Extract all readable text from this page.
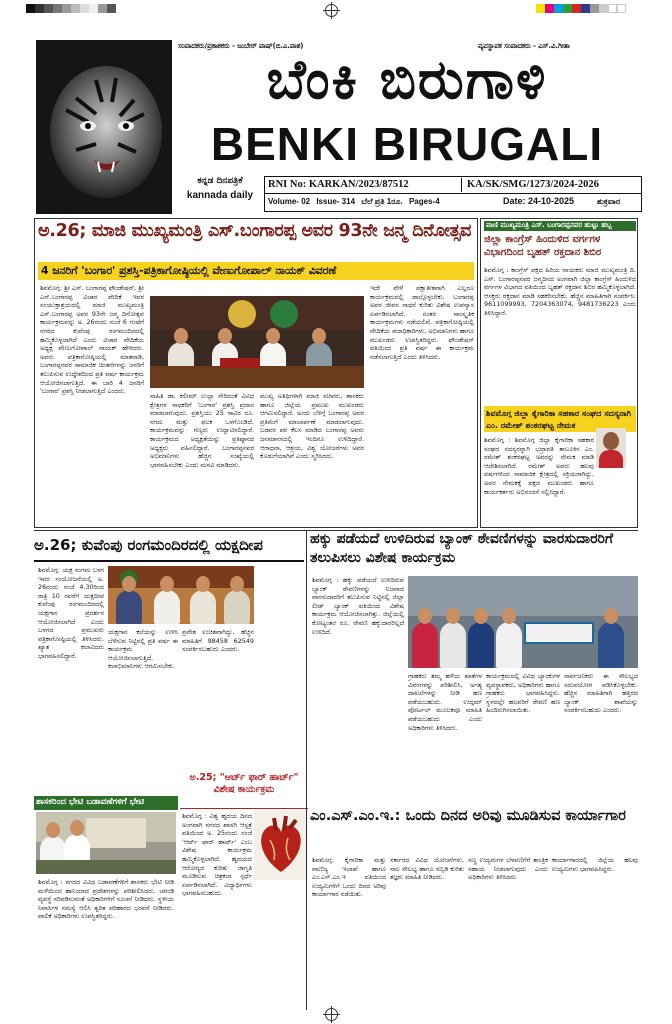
ಸಂಪಾದಕರು/ಪ್ರಕಾಶಕರು - ಜುಬೇರ್ ಪಾಷ್(ಬಿ.ಎ.ಪಾಶ)	ವ್ಯವಸ್ಥಾಪಕ ಸಂಪಾದಕರು - ಎಸ್.ವಿ.ಗೀತಾ
ಬೆಂಕಿ ಬಿರುಗಾಳಿ
BENKI BIRUGALI
ಕನ್ನಡ ದಿನಪತ್ರಿಕೆ
kannada daily
RNI No: KARKAN/2023/87512	KA/SK/SMG/1273/2024-2026
Volume- 02 Issue- 314 ಬೆಲೆ ಪ್ರತಿ 1ರೂ. Pages-4	Date: 24-10-2025	ಶುಕ್ರವಾರ
ಅ.26; ಮಾಜಿ ಮುಖ್ಯಮಂತ್ರಿ ಎಸ್.ಬಂಗಾರಪ್ಪ ಅವರ 93ನೇ ಜನ್ಮ ದಿನೋತ್ಸವ
4 ಜನರಿಗೆ 'ಬಂಗಾರ' ಪ್ರಶಸ್ತಿ-ಪತ್ರಿಕಾಗೋಷ್ಠಿಯಲ್ಲಿ ವೇಣುಗೋಪಾಲ್ ನಾಯಕ್ ವಿವರಣೆ
ಶಿವಮೊಗ್ಗ: ಶ್ರೀ ಎಸ್. ಬಂಗಾರಪ್ಪ ಫೌಂಡೇಷನ್, ಶ್ರೀ ಎಸ್.ಬಂಗಾರಪ್ಪ ವಿಚಾರ ವೇದಿಕೆ ಇವರ ಸಂಯುಕ್ತಾಶ್ರಯದಲ್ಲಿ ಮಾಜಿ ಮುಖ್ಯಮಂತ್ರಿ ಎಸ್.ಬಂಗಾರಪ್ಪ ಅವರ 93ನೇ ಜನ್ಮ ದಿನೋತ್ಸವ ಕಾರ್ಯಕ್ರಮವನ್ನು ಅ. 26ರಂದು ಸಂಜೆ 6 ಗಂಟೆಗೆ ನಗರದ ಕುವೆಂಪು ರಂಗಮಂದಿರದಲ್ಲಿ ಹಮ್ಮಿಕೊಳ್ಳಲಾಗಿದೆ ಎಂದು ವಿಚಾರ ವೇದಿಕೆಯ ಅಧ್ಯಕ್ಷ ವೇಣುಗೋಪಾಲ್ ನಾಯಕ್ ಹೇಳಿದರು. ಅವರು ಪತ್ರಿಕಾಗೋಷ್ಠಿಯಲ್ಲಿ ಮಾತನಾಡಿ, ಬಂಗಾರಪ್ಪನವರ ಸಾಮಾಜಿಕ ಚಿಂತನೆಗಳನ್ನು ಜನರಿಗೆ ತಲುಪಿಸುವ ಉದ್ದೇಶದಿಂದ ಪ್ರತಿ ವರ್ಷ ಕಾರ್ಯಕ್ರಮ ಆಯೋಜಿಸಲಾಗುತ್ತಿದೆ. ಈ ಬಾರಿ 4 ಜನರಿಗೆ 'ಬಂಗಾರ' ಪ್ರಶಸ್ತಿ ನೀಡಲಾಗುತ್ತಿದೆ ಎಂದರು.
ಸಾಹಿತಿ ಡಾ. ಕಲೀಮ್ ಉಲ್ಲಾ ಸೇರಿದಂತೆ ವಿವಿಧ ಕ್ಷೇತ್ರಗಳ ಸಾಧಕರಿಗೆ 'ಬಂಗಾರ' ಪ್ರಶಸ್ತಿ ಪ್ರದಾನ ಮಾಡಲಾಗುವುದು. ಪ್ರಶಸ್ತಿಯು 25 ಸಾವಿರ ರೂ. ನಗದು ಮತ್ತು ಫಲಕ ಒಳಗೊಂಡಿದೆ. ಕಾರ್ಯಕ್ರಮವನ್ನು ಗಣ್ಯರು ಉದ್ಘಾಟಿಸಲಿದ್ದಾರೆ. ಕಾರ್ಯಕ್ರಮದ ಅಧ್ಯಕ್ಷತೆಯನ್ನು ಪ್ರತಿಷ್ಠಾನದ ಅಧ್ಯಕ್ಷರು ವಹಿಸಲಿದ್ದಾರೆ. ಬಂಗಾರಪ್ಪನವರ ಅಭಿಮಾನಿಗಳು ಹೆಚ್ಚಿನ ಸಂಖ್ಯೆಯಲ್ಲಿ ಭಾಗವಹಿಸಬೇಕು ಎಂದು ಮನವಿ ಮಾಡಿದರು.
ಮುಖ್ಯ ಅತಿಥಿಗಳಾಗಿ ಮಾಜಿ ಸಚಿವರು, ಶಾಸಕರು ಹಾಗೂ ಜಿಲ್ಲೆಯ ಪ್ರಮುಖ ಮುಖಂಡರು ಆಗಮಿಸಲಿದ್ದಾರೆ. ಅಂದು ಬೆಳಿಗ್ಗೆ ಬಂಗಾರಪ್ಪ ಅವರ ಪ್ರತಿಮೆಗೆ ಮಾಲಾರ್ಪಣೆ ಮಾಡಲಾಗುವುದು. ಬಡವರ ಪರ ಕೆಲಸ ಮಾಡಿದ ಬಂಗಾರಪ್ಪ ಅವರು ಜನಮಾನಸದಲ್ಲಿ ಇಂದಿಗೂ ಉಳಿದಿದ್ದಾರೆ. ಆರಾಧನಾ, ಆಶ್ರಯ, ವಿಶ್ವ ಯೋಜನೆಗಳು ಅವರ ಕೊಡುಗೆಯಾಗಿವೆ ಎಂದು ಸ್ಮರಿಸಿದರು.
ಇದೇ ವೇಳೆ ಪಕ್ಷಾತೀತವಾಗಿ ಎಲ್ಲರೂ ಕಾರ್ಯಕ್ರಮದಲ್ಲಿ ಪಾಲ್ಗೊಳ್ಳಬೇಕು. ಬಂಗಾರಪ್ಪ ಅವರ ಜೀವನ ಸಾಧನೆ ಕುರಿತು ವಿಶೇಷ ಉಪನ್ಯಾಸ ಏರ್ಪಡಿಸಲಾಗಿದೆ. ನಂತರ ಸಾಂಸ್ಕೃತಿಕ ಕಾರ್ಯಕ್ರಮಗಳು ನಡೆಯಲಿವೆ. ಪತ್ರಿಕಾಗೋಷ್ಠಿಯಲ್ಲಿ ವೇದಿಕೆಯ ಪದಾಧಿಕಾರಿಗಳು, ಅಭಿಮಾನಿಗಳು ಹಾಗೂ ಮುಖಂಡರು ಉಪಸ್ಥಿತರಿದ್ದರು. ಫೌಂಡೇಷನ್ ವತಿಯಿಂದ ಪ್ರತಿ ವರ್ಷ ಈ ಕಾರ್ಯಕ್ರಮ ನಡೆಸಲಾಗುತ್ತಿದೆ ಎಂದು ತಿಳಿಸಿದರು.
ವಾಣಿ ಮುಖ್ಯಮಂತ್ರಿ ಎಸ್. ಬಂಗಾರಪ್ಪನವರ ಹುಟ್ಟು ಹಬ್ಬ
ಜಿಲ್ಲಾ ಕಾಂಗ್ರೆಸ್ ಹಿಂದುಳಿದ ವರ್ಗಗಳ ವಿಭಾಗದಿಂದ ಬೃಹತ್ ರಕ್ತದಾನ ಶಿಬಿರ
ಶಿವಮೊಗ್ಗ : ಕಾಂಗ್ರೆಸ್ ಪಕ್ಷದ ಹಿರಿಯ ನಾಯಕರು ಮಾಜಿ ಮುಖ್ಯಮಂತ್ರಿ ದಿ. ಎಸ್. ಬಂಗಾರಪ್ಪನವರ ಜನ್ಮದಿನದ ಅಂಗವಾಗಿ ಜಿಲ್ಲಾ ಕಾಂಗ್ರೆಸ್ ಹಿಂದುಳಿದ ವರ್ಗಗಳ ವಿಭಾಗದ ವತಿಯಿಂದ ಬೃಹತ್ ರಕ್ತದಾನ ಶಿಬಿರ ಹಮ್ಮಿಕೊಳ್ಳಲಾಗಿದೆ. ಆಸಕ್ತರು ರಕ್ತದಾನ ಮಾಡಿ ಸಹಕರಿಸಬೇಕು. ಹೆಚ್ಚಿನ ಮಾಹಿತಿಗಾಗಿ ಸಂಪರ್ಕಿಸಿ: 9611099993, 7204363074, 9481736223 ಎಂದು ತಿಳಿಸಿದ್ದಾರೆ.
ಶಿವಮೊಗ್ಗ ಜಿಲ್ಲಾ ಕೈಗಾರಿಕಾ ಸಹಕಾರ ಸಂಘದ ಸದಸ್ಯರಾಗಿ ಎಂ. ರಮೇಶ್ ಶಂಕರಘಟ್ಟ ನೇಮಕ
ಶಿವಮೊಗ್ಗ : ಶಿವಮೊಗ್ಗ ಜಿಲ್ಲಾ ಕೈಗಾರಿಕಾ ಸಹಕಾರ ಸಂಘದ ಸದಸ್ಯರನ್ನಾಗಿ ಭದ್ರಾವತಿ ತಾಲೂಕಿನ ಎಂ. ರಮೇಶ್ ಶಂಕರಘಟ್ಟ ಅವರನ್ನು ನೇಮಕ ಮಾಡಿ ಆದೇಶಿಸಲಾಗಿದೆ. ರಮೇಶ್ ಅವರು ಹಲವು ವರ್ಷಗಳಿಂದ ಸಾಮಾಜಿಕ ಕ್ಷೇತ್ರದಲ್ಲಿ ಸಕ್ರಿಯರಾಗಿದ್ದು, ಅವರ ನೇಮಕಕ್ಕೆ ಪಕ್ಷದ ಮುಖಂಡರು ಹಾಗೂ ಕಾರ್ಯಕರ್ತರು ಅಭಿನಂದನೆ ಸಲ್ಲಿಸಿದ್ದಾರೆ.
ಅ.26; ಕುವೆಂಪು ರಂಗಮಂದಿರದಲ್ಲಿ ಯಕ್ಷದೀಪ
ಶಿವಮೊಗ್ಗ: ಯಕ್ಷ ಸಂಗಮ ಬಳಗ ಇವರ ಸಂಯೋಜನೆಯಲ್ಲಿ ಅ. 26ರಂದು ಸಂಜೆ 4.30ರಿಂದ ರಾತ್ರಿ 10 ರವರೆಗೆ ಯಕ್ಷದೀಪ ಕುವೆಂಪು ರಂಗಮಂದಿರದಲ್ಲಿ ಯಕ್ಷಗಾನ ಪ್ರದರ್ಶನ ಆಯೋಜಿಸಲಾಗಿದೆ ಎಂದು ಬಳಗದ ಪ್ರಮುಖರು ಪತ್ರಿಕಾಗೋಷ್ಠಿಯಲ್ಲಿ ತಿಳಿಸಿದರು. ಖ್ಯಾತ ಕಲಾವಿದರು ಭಾಗವಹಿಸಲಿದ್ದಾರೆ.
ಯಕ್ಷಗಾನ ಕಲೆಯನ್ನು ಉಳಿಸಿ ಬೆಳೆಸುವ ನಿಟ್ಟಿನಲ್ಲಿ ಪ್ರತಿ ವರ್ಷ ಈ ಕಾರ್ಯಕ್ರಮ ಆಯೋಜಿಸಲಾಗುತ್ತಿದೆ. ಕಲಾಭಿಮಾನಿಗಳು ಆಗಮಿಸಬೇಕು.
ಪ್ರವೇಶ ಉಚಿತವಾಗಿದ್ದು, ಹೆಚ್ಚಿನ ಮಾಹಿತಿಗೆ 98458 62549 ಸಂಪರ್ಕಿಸಬಹುದು ಎಂದರು.
ಅ.25; "ಆರ್ಟ್ ಫಾರ್ ಹಾರ್ಟ್" ವಿಶೇಷ ಕಾರ್ಯಕ್ರಮ
ಶಿವಮೊಗ್ಗ : ವಿಶ್ವ ಹೃದಯ ದಿನದ ಅಂಗವಾಗಿ ನಗರದ ಖಾಸಗಿ ಆಸ್ಪತ್ರೆ ವತಿಯಿಂದ ಅ. 25ರಂದು ಸಂಜೆ 'ಆರ್ಟ್ ಫಾರ್ ಹಾರ್ಟ್' ಎಂಬ ವಿಶೇಷ ಕಾರ್ಯಕ್ರಮ ಹಮ್ಮಿಕೊಳ್ಳಲಾಗಿದೆ. ಹೃದಯದ ಆರೋಗ್ಯದ ಕುರಿತು ಜಾಗೃತಿ ಮೂಡಿಸುವ ಚಿತ್ರಕಲಾ ಸ್ಪರ್ಧೆ ಏರ್ಪಡಿಸಲಾಗಿದೆ. ವಿದ್ಯಾರ್ಥಿಗಳು ಭಾಗವಹಿಸಬಹುದು.
ಶಾಸಕರಿಂದ ಭೇಟಿ ಬಡಾವಣೆಗಳಿಗೆ ಭೇಟಿ
ಶಿವಮೊಗ್ಗ : ನಗರದ ವಿವಿಧ ಬಡಾವಣೆಗಳಿಗೆ ಶಾಸಕರು ಭೇಟಿ ನೀಡಿ ಮಳೆಯಿಂದ ಹಾನಿಯಾದ ಪ್ರದೇಶಗಳನ್ನು ಪರಿಶೀಲಿಸಿದರು. ಚರಂಡಿ ವ್ಯವಸ್ಥೆ ಸರಿಪಡಿಸುವಂತೆ ಅಧಿಕಾರಿಗಳಿಗೆ ಸೂಚನೆ ನೀಡಿದರು. ಸ್ಥಳೀಯ ನಿವಾಸಿಗಳ ಸಮಸ್ಯೆ ಆಲಿಸಿ ತ್ವರಿತ ಪರಿಹಾರದ ಭರವಸೆ ನೀಡಿದರು. ಪಾಲಿಕೆ ಅಧಿಕಾರಿಗಳು ಉಪಸ್ಥಿತರಿದ್ದರು.
ಹಕ್ಕು ಪಡೆಯದೆ ಉಳಿದಿರುವ ಬ್ಯಾಂಕ್ ಠೇವಣಿಗಳನ್ನು ವಾರಸುದಾರರಿಗೆ ತಲುಪಿಸಲು ವಿಶೇಷ ಕಾರ್ಯಕ್ರಮ
ಶಿವಮೊಗ್ಗ : ಹಕ್ಕು ಪಡೆಯದೆ ಉಳಿದಿರುವ ಬ್ಯಾಂಕ್ ಠೇವಣಿಗಳನ್ನು ನಿಜವಾದ ವಾರಸುದಾರರಿಗೆ ತಲುಪಿಸುವ ನಿಟ್ಟಿನಲ್ಲಿ ಜಿಲ್ಲಾ ಲೀಡ್ ಬ್ಯಾಂಕ್ ವತಿಯಿಂದ ವಿಶೇಷ ಕಾರ್ಯಕ್ರಮ ಆಯೋಜಿಸಲಾಗಿತ್ತು. ಜಿಲ್ಲೆಯಲ್ಲಿ ಕೋಟ್ಯಂತರ ರೂ. ಠೇವಣಿ ಹಕ್ಕುದಾರರಿಲ್ಲದೆ ಉಳಿದಿದೆ.
ಗ್ರಾಹಕರು ತಮ್ಮ ಹಳೆಯ ಖಾತೆಗಳ ವಿವರಗಳನ್ನು ಪರಿಶೀಲಿಸಿ, ಅಗತ್ಯ ದಾಖಲೆಗಳನ್ನು ನೀಡಿ ಹಣ ಪಡೆಯಬಹುದು. ಉದ್ಗಮ್ ಪೋರ್ಟಲ್ ಮೂಲಕವೂ ಮಾಹಿತಿ ಪಡೆಯಬಹುದು ಎಂದು ಅಧಿಕಾರಿಗಳು ತಿಳಿಸಿದರು.
ಕಾರ್ಯಕ್ರಮದಲ್ಲಿ ವಿವಿಧ ಬ್ಯಾಂಕುಗಳ ವ್ಯವಸ್ಥಾಪಕರು, ಅಧಿಕಾರಿಗಳು ಹಾಗೂ ಗ್ರಾಹಕರು ಭಾಗವಹಿಸಿದ್ದರು. ಸ್ಥಳದಲ್ಲೇ ಹಲವರಿಗೆ ಠೇವಣಿ ಹಣ ಹಿಂದಿರುಗಿಸಲಾಯಿತು.
ಸಾರ್ವಜನಿಕರು ಈ ಸೌಲಭ್ಯದ ಸದುಪಯೋಗ ಪಡಿಸಿಕೊಳ್ಳಬೇಕು. ಹೆಚ್ಚಿನ ಮಾಹಿತಿಗಾಗಿ ಹತ್ತಿರದ ಬ್ಯಾಂಕ್ ಶಾಖೆಯನ್ನು ಸಂಪರ್ಕಿಸಬಹುದು ಎಂದರು.
ಎಂ.ಎಸ್.ಎಂ.ಇ.: ಒಂದು ದಿನದ ಅರಿವು ಮೂಡಿಸುವ ಕಾರ್ಯಾಗಾರ
ಶಿವಮೊಗ್ಗ: ಕೈಗಾರಿಕಾ ಮತ್ತು ವಾಣಿಜ್ಯ ಇಲಾಖೆ ಹಾಗೂ ಎಂ.ಎಸ್.ಎಂ.ಇ ವತಿಯಿಂದ ಉದ್ಯಮಿಗಳಿಗೆ ಒಂದು ದಿನದ ಅರಿವು ಕಾರ್ಯಾಗಾರ ನಡೆಯಿತು.
ಸರ್ಕಾರದ ವಿವಿಧ ಯೋಜನೆಗಳು, ಸಾಲ ಸೌಲಭ್ಯ ಹಾಗೂ ಸಬ್ಸಿಡಿ ಕುರಿತು ತಜ್ಞರು ಮಾಹಿತಿ ನೀಡಿದರು.
ಸಣ್ಣ ಉದ್ಯಮಗಳ ಬೆಳವಣಿಗೆಗೆ ತಾಂತ್ರಿಕ ಸಹಾಯ ನೀಡಲಾಗುವುದು ಎಂದು ಅಧಿಕಾರಿಗಳು ತಿಳಿಸಿದರು.
ಕಾರ್ಯಾಗಾರದಲ್ಲಿ ಜಿಲ್ಲೆಯ ಹಲವು ಉದ್ಯಮಿಗಳು ಭಾಗವಹಿಸಿದ್ದರು.
